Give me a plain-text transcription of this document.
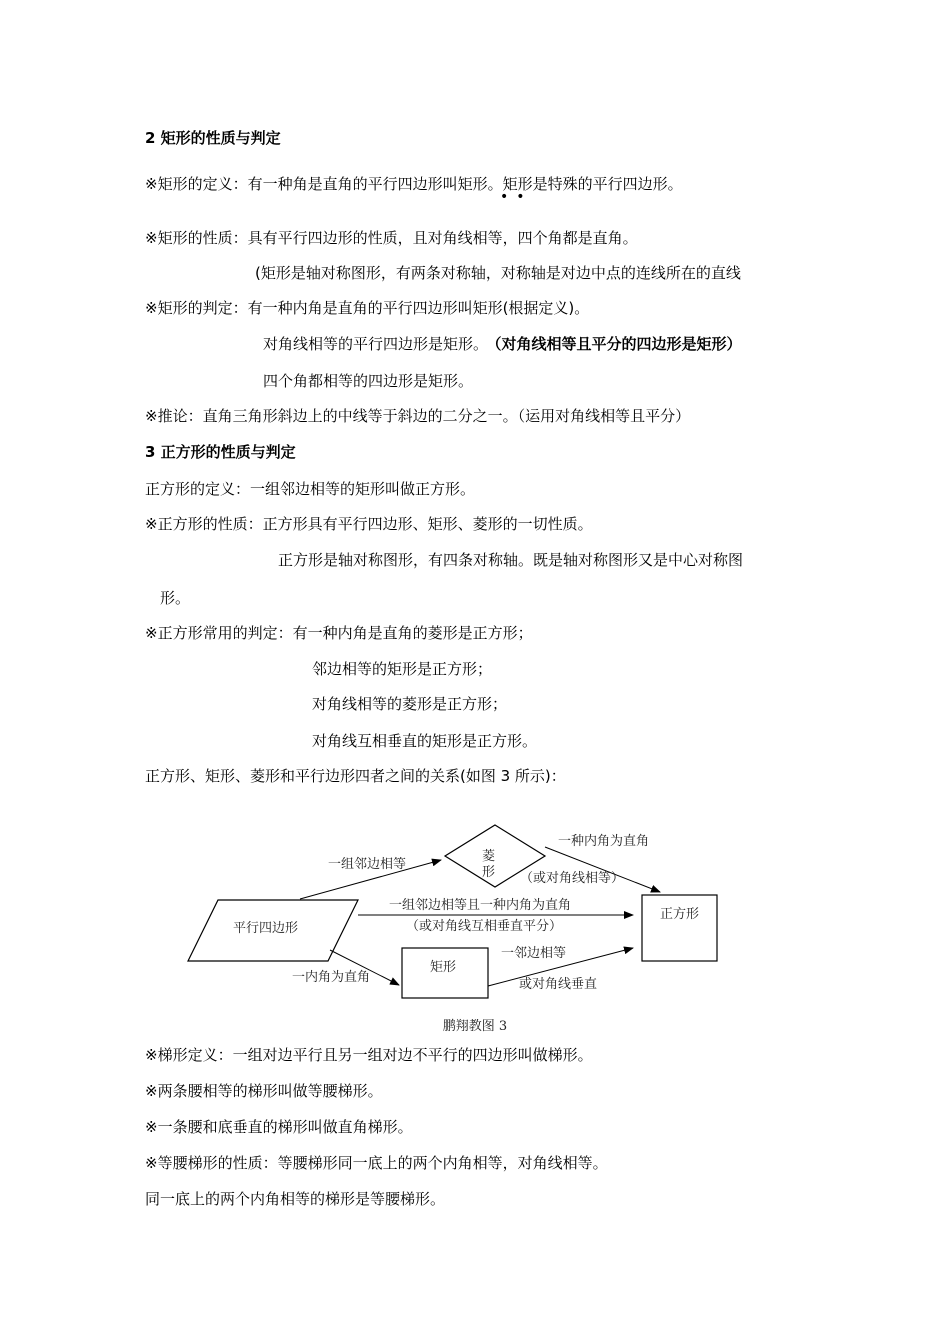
2 矩形的性质与判定
※矩形的定义：有一种角是直角的平行四边形叫矩形。矩形是特殊的平行四边形。
••
※矩形的性质：具有平行四边形的性质，且对角线相等，四个角都是直角。
(矩形是轴对称图形，有两条对称轴，对称轴是对边中点的连线所在的直线
※矩形的判定：有一种内角是直角的平行四边形叫矩形(根据定义)。
对角线相等的平行四边形是矩形。 （对角线相等且平分的四边形是矩形）
四个角都相等的四边形是矩形。
※推论：直角三角形斜边上的中线等于斜边的二分之一。（运用对角线相等且平分）
3 正方形的性质与判定
正方形的定义：一组邻边相等的矩形叫做正方形。
※正方形的性质：正方形具有平行四边形、矩形、菱形的一切性质。
正方形是轴对称图形，有四条对称轴。既是轴对称图形又是中心对称图
形。
※正方形常用的判定：有一种内角是直角的菱形是正方形；
邻边相等的矩形是正方形；
对角线相等的菱形是正方形；
对角线互相垂直的矩形是正方形。
正方形、矩形、菱形和平行边形四者之间的关系(如图 3 所示)：
平行四边形
菱
形
矩形
正方形
一组邻边相等
一种内角为直角
（或对角线相等）
一组邻边相等且一种内角为直角
（或对角线互相垂直平分）
一内角为直角
一邻边相等
或对角线垂直
鹏翔教图 3
※梯形定义：一组对边平行且另一组对边不平行的四边形叫做梯形。
※两条腰相等的梯形叫做等腰梯形。
※一条腰和底垂直的梯形叫做直角梯形。
※等腰梯形的性质：等腰梯形同一底上的两个内角相等，对角线相等。
同一底上的两个内角相等的梯形是等腰梯形。
